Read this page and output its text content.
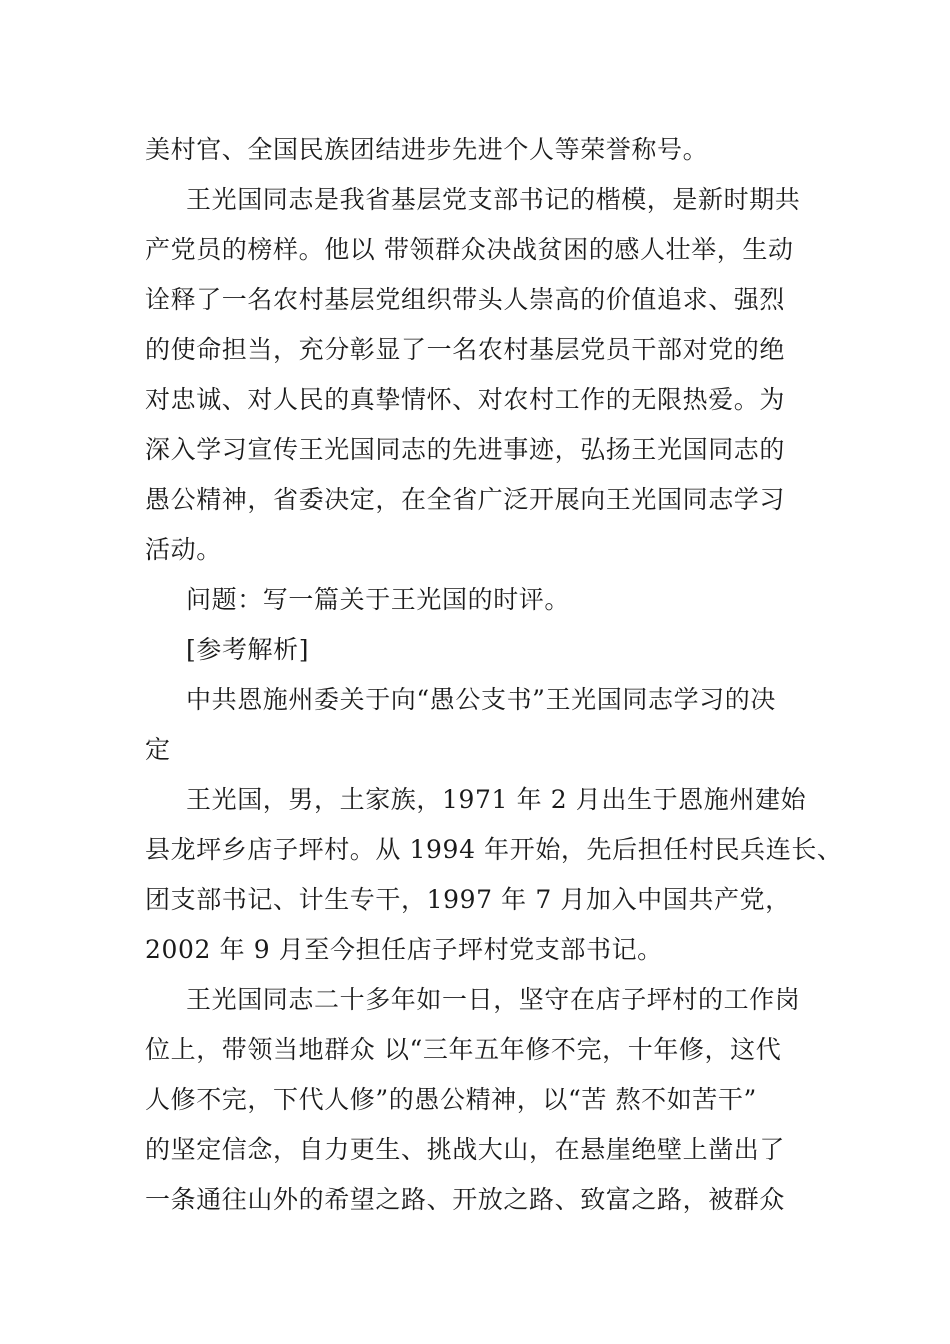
美村官、全国民族团结进步先进个人等荣誉称号。
王光国同志是我省基层党支部书记的楷模，是新时期共
产党员的榜样。他以 带领群众决战贫困的感人壮举，生动
诠释了一名农村基层党组织带头人崇高的价值追求、强烈
的使命担当，充分彰显了一名农村基层党员干部对党的绝
对忠诚、对人民的真挚情怀、对农村工作的无限热爱。为
深入学习宣传王光国同志的先进事迹，弘扬王光国同志的
愚公精神，省委决定，在全省广泛开展向王光国同志学习
活动。
问题：写一篇关于王光国的时评。
[参考解析]
中共恩施州委关于向“愚公支书”王光国同志学习的决
定
王光国，男，土家族，1971 年 2 月出生于恩施州建始
县龙坪乡店子坪村。从 1994 年开始，先后担任村民兵连长、
团支部书记、计生专干，1997 年 7 月加入中国共产党，
2002 年 9 月至今担任店子坪村党支部书记。
王光国同志二十多年如一日，坚守在店子坪村的工作岗
位上，带领当地群众 以“三年五年修不完，十年修，这代
人修不完，下代人修”的愚公精神，以“苦 熬不如苦干”
的坚定信念，自力更生、挑战大山，在悬崖绝壁上凿出了
一条通往山外的希望之路、开放之路、致富之路，被群众
